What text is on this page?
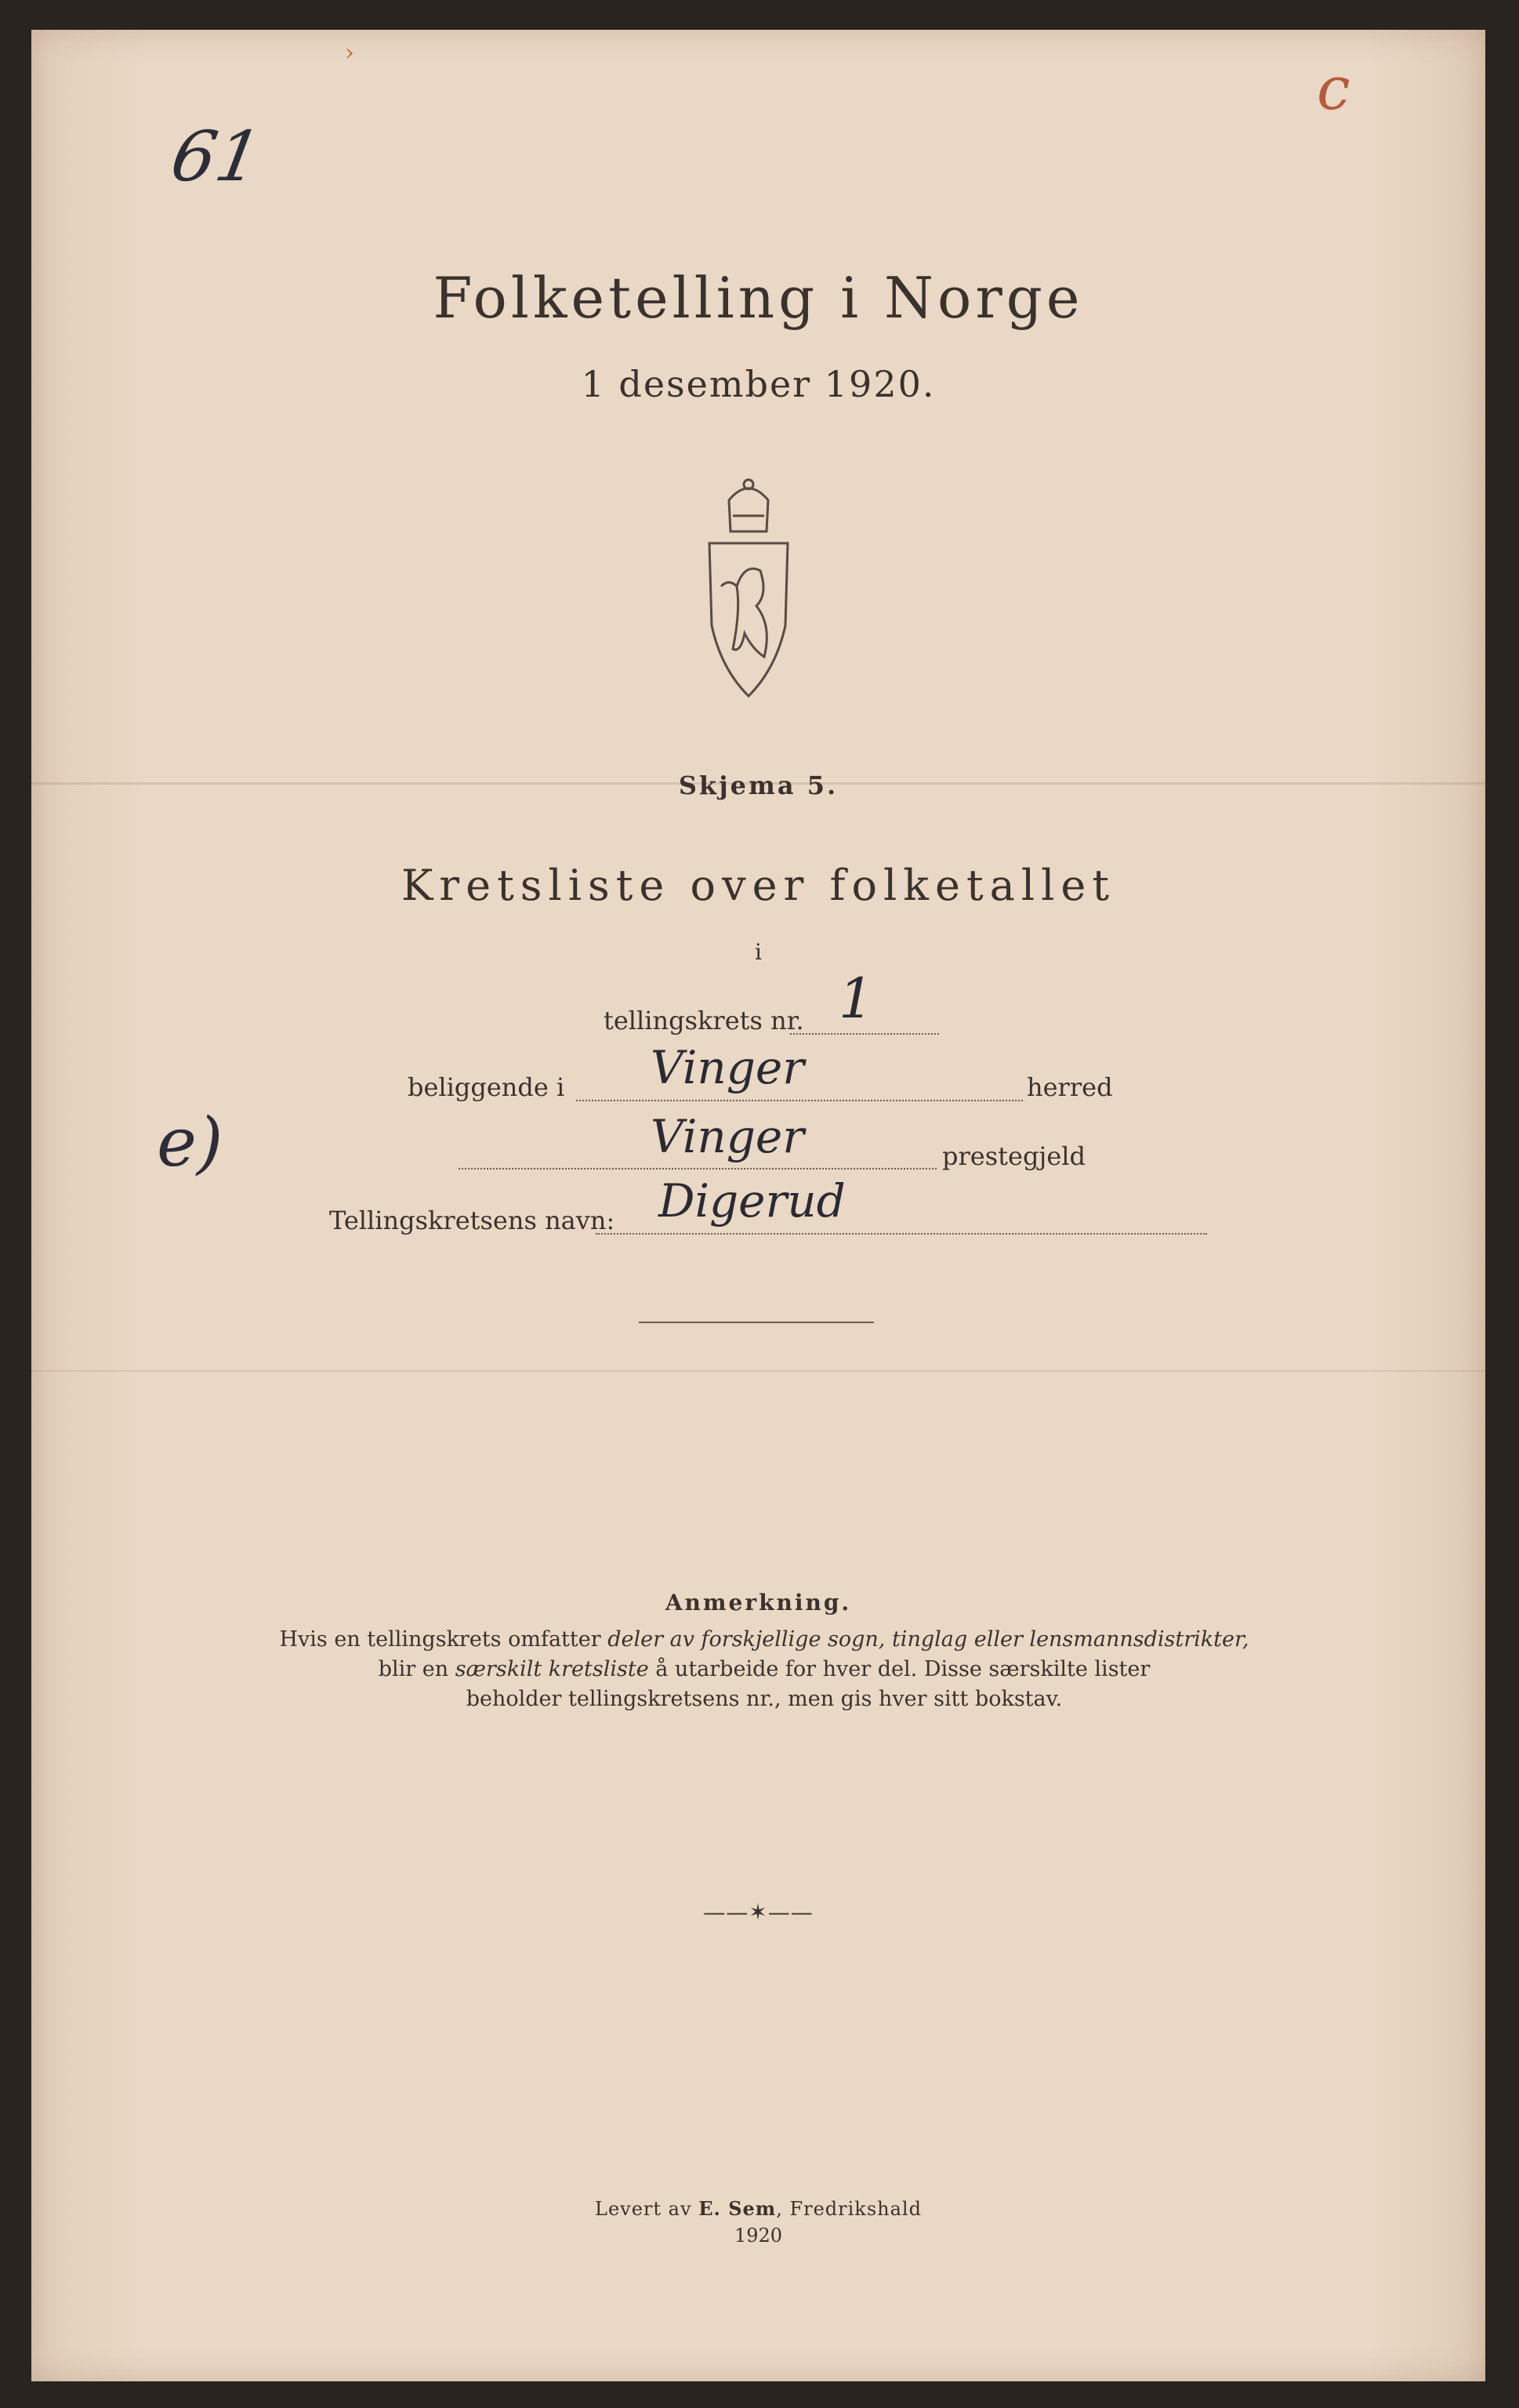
›
c
61
Folketelling i Norge
1 desember 1920.
Skjema 5.
Kretsliste over folketallet
i
tellingskrets nr. 1
beliggende i Vinger	herred
Vinger	prestegjeld
Tellingskretsens navn: Digerud
e)
Anmerkning.
Hvis en tellingskrets omfatter deler av forskjellige sogn, tinglag eller lensmannsdistrikter,
blir en særskilt kretsliste å utarbeide for hver del. Disse særskilte lister
beholder tellingskretsens nr., men gis hver sitt bokstav.
——✶——
Levert av E. Sem, Fredrikshald
1920
